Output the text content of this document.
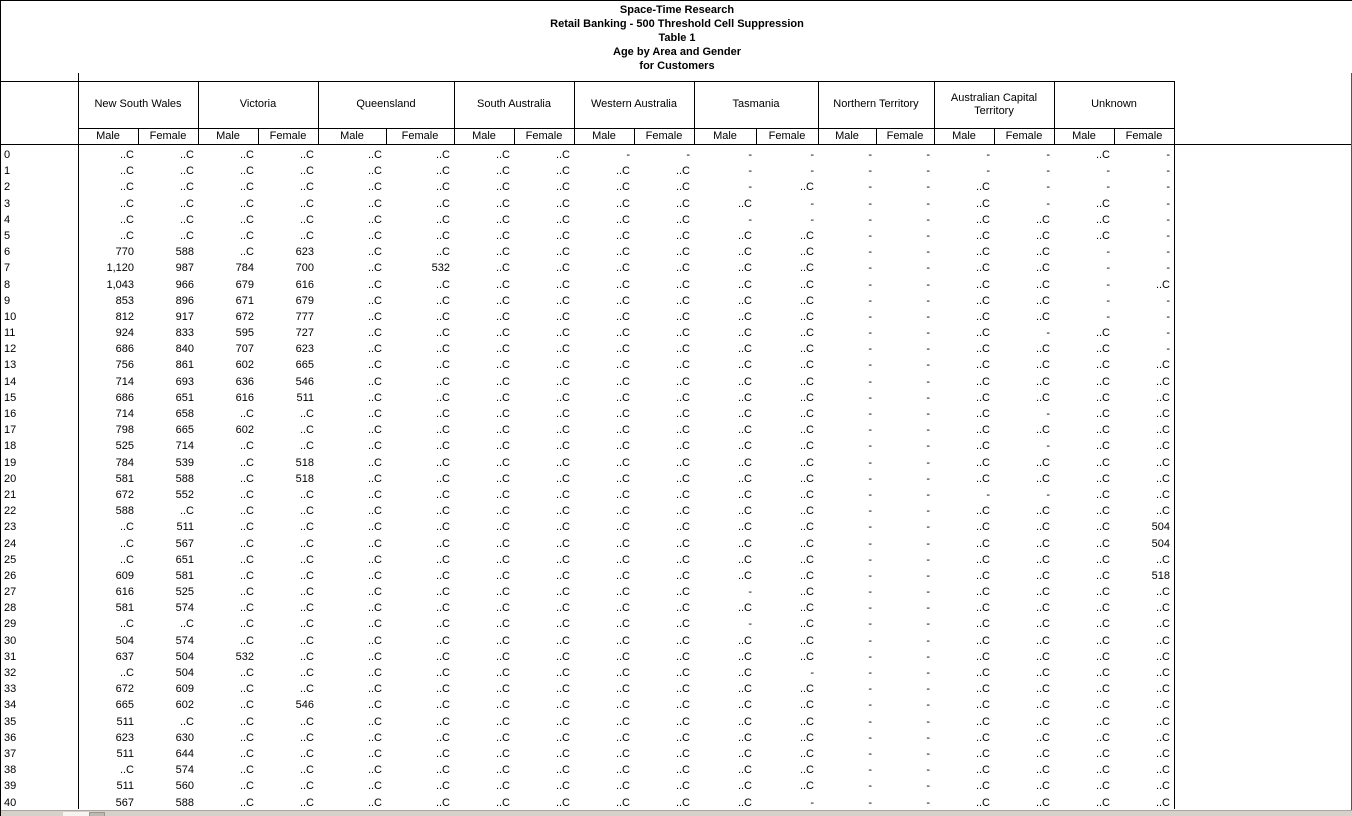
Space-Time Research
Retail Banking - 500 Threshold Cell Suppression
Table 1
Age by Area and Gender
for Customers
New South Wales
Male	Female
Victoria
Male	Female
Queensland
Male	Female
South Australia
Male	Female
Western Australia
Male	Female
Tasmania
Male	Female
Northern Territory
Male	Female
Australian Capital Territory
Male	Female
Unknown
Male	Female
0	..C	..C	..C	..C	..C	..C	..C	..C	-	-	-	-	-	-	-	-	..C	-
1	..C	..C	..C	..C	..C	..C	..C	..C	..C	..C	-	-	-	-	-	-	-	-
2	..C	..C	..C	..C	..C	..C	..C	..C	..C	..C	-	..C	-	-	..C	-	-	-
3	..C	..C	..C	..C	..C	..C	..C	..C	..C	..C	..C	-	-	-	..C	-	..C	-
4	..C	..C	..C	..C	..C	..C	..C	..C	..C	..C	-	-	-	-	..C	..C	..C	-
5	..C	..C	..C	..C	..C	..C	..C	..C	..C	..C	..C	..C	-	-	..C	..C	..C	-
6	770	588	..C	623	..C	..C	..C	..C	..C	..C	..C	..C	-	-	..C	..C	-	-
7	1,120	987	784	700	..C	532	..C	..C	..C	..C	..C	..C	-	-	..C	..C	-	-
8	1,043	966	679	616	..C	..C	..C	..C	..C	..C	..C	..C	-	-	..C	..C	-	..C
9	853	896	671	679	..C	..C	..C	..C	..C	..C	..C	..C	-	-	..C	..C	-	-
10	812	917	672	777	..C	..C	..C	..C	..C	..C	..C	..C	-	-	..C	..C	-	-
11	924	833	595	727	..C	..C	..C	..C	..C	..C	..C	..C	-	-	..C	-	..C	-
12	686	840	707	623	..C	..C	..C	..C	..C	..C	..C	..C	-	-	..C	..C	..C	-
13	756	861	602	665	..C	..C	..C	..C	..C	..C	..C	..C	-	-	..C	..C	..C	..C
14	714	693	636	546	..C	..C	..C	..C	..C	..C	..C	..C	-	-	..C	..C	..C	..C
15	686	651	616	511	..C	..C	..C	..C	..C	..C	..C	..C	-	-	..C	..C	..C	..C
16	714	658	..C	..C	..C	..C	..C	..C	..C	..C	..C	..C	-	-	..C	-	..C	..C
17	798	665	602	..C	..C	..C	..C	..C	..C	..C	..C	..C	-	-	..C	..C	..C	..C
18	525	714	..C	..C	..C	..C	..C	..C	..C	..C	..C	..C	-	-	..C	-	..C	..C
19	784	539	..C	518	..C	..C	..C	..C	..C	..C	..C	..C	-	-	..C	..C	..C	..C
20	581	588	..C	518	..C	..C	..C	..C	..C	..C	..C	..C	-	-	..C	..C	..C	..C
21	672	552	..C	..C	..C	..C	..C	..C	..C	..C	..C	..C	-	-	-	-	..C	..C
22	588	..C	..C	..C	..C	..C	..C	..C	..C	..C	..C	..C	-	-	..C	..C	..C	..C
23	..C	511	..C	..C	..C	..C	..C	..C	..C	..C	..C	..C	-	-	..C	..C	..C	504
24	..C	567	..C	..C	..C	..C	..C	..C	..C	..C	..C	..C	-	-	..C	..C	..C	504
25	..C	651	..C	..C	..C	..C	..C	..C	..C	..C	..C	..C	-	-	..C	..C	..C	..C
26	609	581	..C	..C	..C	..C	..C	..C	..C	..C	..C	..C	-	-	..C	..C	..C	518
27	616	525	..C	..C	..C	..C	..C	..C	..C	..C	-	..C	-	-	..C	..C	..C	..C
28	581	574	..C	..C	..C	..C	..C	..C	..C	..C	..C	..C	-	-	..C	..C	..C	..C
29	..C	..C	..C	..C	..C	..C	..C	..C	..C	..C	-	..C	-	-	..C	..C	..C	..C
30	504	574	..C	..C	..C	..C	..C	..C	..C	..C	..C	..C	-	-	..C	..C	..C	..C
31	637	504	532	..C	..C	..C	..C	..C	..C	..C	..C	..C	-	-	..C	..C	..C	..C
32	..C	504	..C	..C	..C	..C	..C	..C	..C	..C	..C	-	-	-	..C	..C	..C	..C
33	672	609	..C	..C	..C	..C	..C	..C	..C	..C	..C	..C	-	-	..C	..C	..C	..C
34	665	602	..C	546	..C	..C	..C	..C	..C	..C	..C	..C	-	-	..C	..C	..C	..C
35	511	..C	..C	..C	..C	..C	..C	..C	..C	..C	..C	..C	-	-	..C	..C	..C	..C
36	623	630	..C	..C	..C	..C	..C	..C	..C	..C	..C	..C	-	-	..C	..C	..C	..C
37	511	644	..C	..C	..C	..C	..C	..C	..C	..C	..C	..C	-	-	..C	..C	..C	..C
38	..C	574	..C	..C	..C	..C	..C	..C	..C	..C	..C	..C	-	-	..C	..C	..C	..C
39	511	560	..C	..C	..C	..C	..C	..C	..C	..C	..C	..C	-	-	..C	..C	..C	..C
40	567	588	..C	..C	..C	..C	..C	..C	..C	..C	..C	-	-	-	..C	..C	..C	..C
